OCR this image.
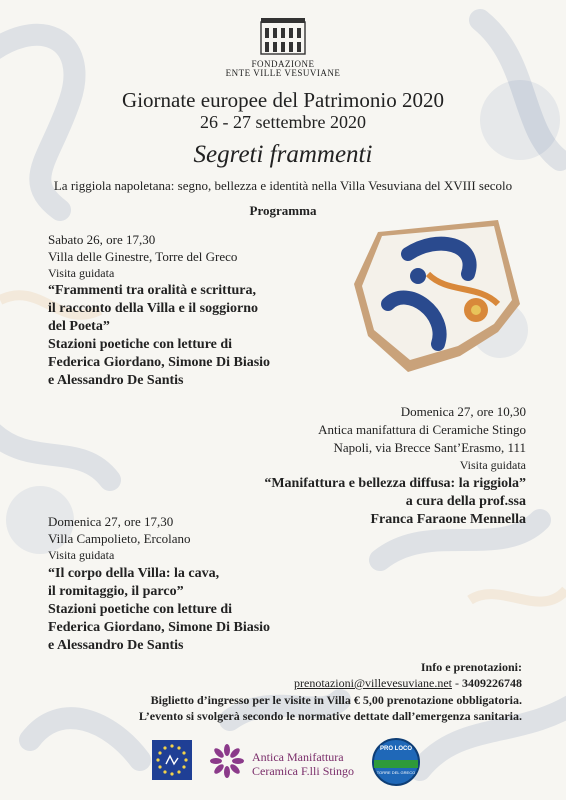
FONDAZIONE
ENTE VILLE VESUVIANE
Giornate europee del Patrimonio 2020
26 - 27 settembre 2020
Segreti frammenti
La riggiola napoletana: segno, bellezza e identità nella Villa Vesuviana del XVIII secolo
Programma
Sabato 26, ore 17,30
Villa delle Ginestre, Torre del Greco
Visita guidata
“Frammenti tra oralità e scrittura,
il racconto della Villa e il soggiorno
del Poeta”
Stazioni poetiche con letture di
Federica Giordano, Simone Di Biasio
e Alessandro De Santis
Domenica 27, ore 10,30
Antica manifattura di Ceramiche Stingo
Napoli, via Brecce Sant’Erasmo, 111
Visita guidata
“Manifattura e bellezza diffusa: la riggiola”
a cura della prof.ssa
Franca Faraone Mennella
Domenica 27, ore 17,30
Villa Campolieto, Ercolano
Visita guidata
“Il corpo della Villa: la cava,
il romitaggio, il parco”
Stazioni poetiche con letture di
Federica Giordano, Simone Di Biasio
e Alessandro De Santis
Info e prenotazioni:
prenotazioni@villevesuviane.net - 3409226748
Biglietto d’ingresso per le visite in Villa € 5,00 prenotazione obbligatoria.
L’evento si svolgerà secondo le normative dettate dall’emergenza sanitaria.
Antica Manifattura
Ceramica F.lli Stingo
PRO LOCO
TORRE DEL GRECO
